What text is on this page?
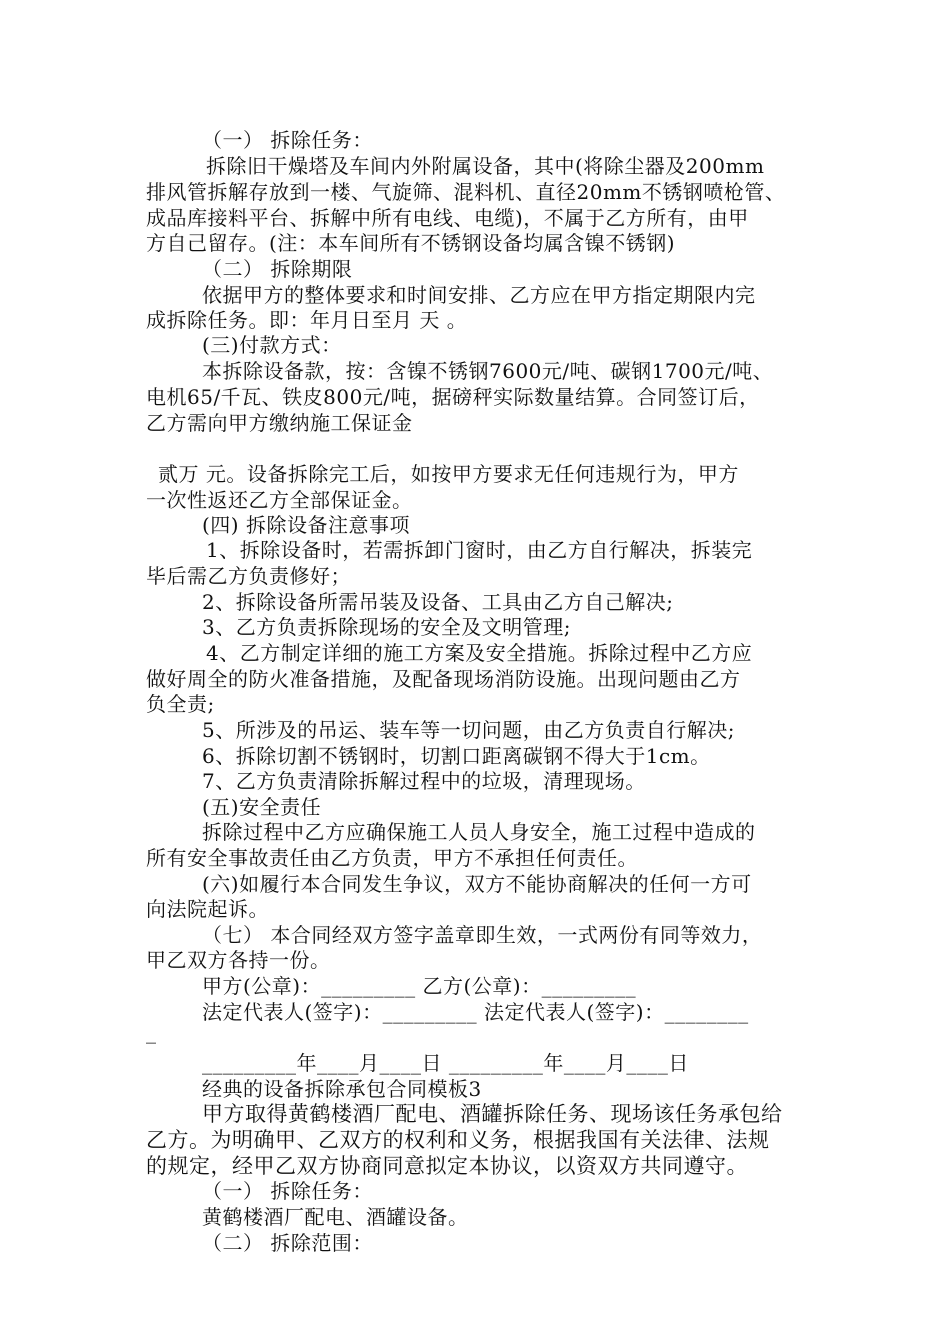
（一） 拆除任务：
拆除旧干燥塔及车间内外附属设备，其中(将除尘器及200mm
排风管拆解存放到一楼、气旋筛、混料机、直径20mm不锈钢喷枪管、
成品库接料平台、拆解中所有电线、电缆)，不属于乙方所有，由甲
方自己留存。(注：本车间所有不锈钢设备均属含镍不锈钢)
（二） 拆除期限
依据甲方的整体要求和时间安排、乙方应在甲方指定期限内完
成拆除任务。即：年月日至月 天 。
(三)付款方式：
本拆除设备款，按：含镍不锈钢7600元/吨、碳钢1700元/吨、
电机65/千瓦、铁皮800元/吨，据磅秤实际数量结算。合同签订后，
乙方需向甲方缴纳施工保证金
贰万 元。设备拆除完工后，如按甲方要求无任何违规行为，甲方
一次性返还乙方全部保证金。
(四) 拆除设备注意事项
1、拆除设备时，若需拆卸门窗时，由乙方自行解决，拆装完
毕后需乙方负责修好；
2、拆除设备所需吊装及设备、工具由乙方自己解决;
3、乙方负责拆除现场的安全及文明管理;
4、乙方制定详细的施工方案及安全措施。拆除过程中乙方应
做好周全的防火准备措施，及配备现场消防设施。出现问题由乙方
负全责;
5、所涉及的吊运、装车等一切问题，由乙方负责自行解决;
6、拆除切割不锈钢时，切割口距离碳钢不得大于1cm。
7、乙方负责清除拆解过程中的垃圾，清理现场。
(五)安全责任
拆除过程中乙方应确保施工人员人身安全，施工过程中造成的
所有安全事故责任由乙方负责，甲方不承担任何责任。
(六)如履行本合同发生争议，双方不能协商解决的任何一方可
向法院起诉。
（七） 本合同经双方签字盖章即生效，一式两份有同等效力，
甲乙双方各持一份。
甲方(公章)：_________ 乙方(公章)：_________
法定代表人(签字)：_________ 法定代表人(签字)：________
_
_________年____月____日 _________年____月____日
经典的设备拆除承包合同模板3
甲方取得黄鹤楼酒厂配电、酒罐拆除任务、现场该任务承包给
乙方。为明确甲、乙双方的权利和义务，根据我国有关法律、法规
的规定，经甲乙双方协商同意拟定本协议，以资双方共同遵守。
（一） 拆除任务：
黄鹤楼酒厂配电、酒罐设备。
（二） 拆除范围：
